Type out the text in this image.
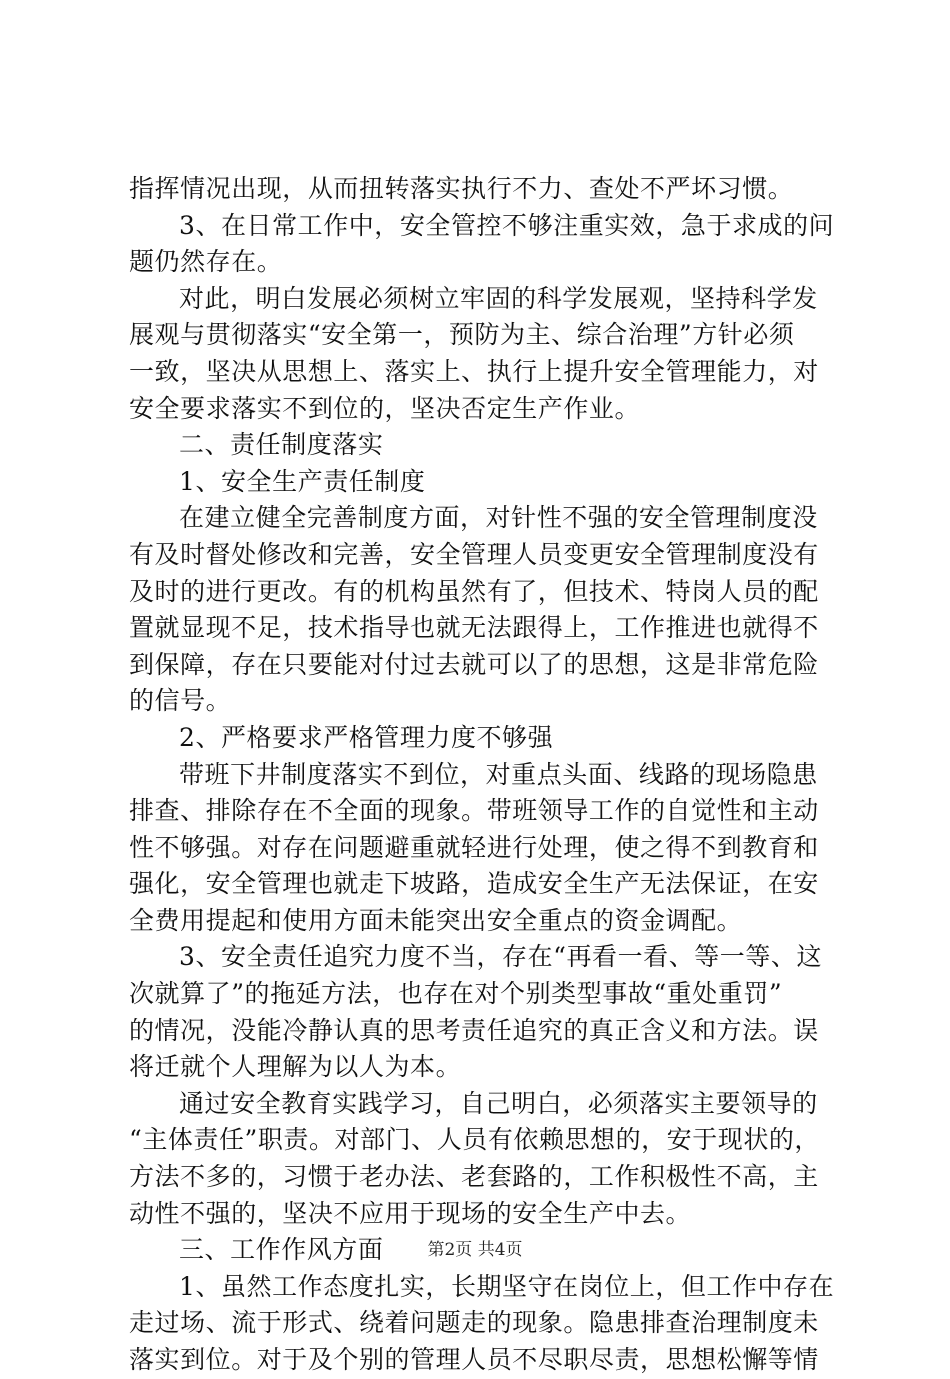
指挥情况出现，从而扭转落实执行不力、查处不严坏习惯。

3、在日常工作中，安全管控不够注重实效，急于求成的问
题仍然存在。

对此，明白发展必须树立牢固的科学发展观，坚持科学发
展观与贯彻落实“安全第一，预防为主、综合治理”方针必须
一致，坚决从思想上、落实上、执行上提升安全管理能力，对
安全要求落实不到位的，坚决否定生产作业。

二、责任制度落实

1、安全生产责任制度

在建立健全完善制度方面，对针性不强的安全管理制度没
有及时督处修改和完善，安全管理人员变更安全管理制度没有
及时的进行更改。有的机构虽然有了，但技术、特岗人员的配
置就显现不足，技术指导也就无法跟得上，工作推进也就得不
到保障，存在只要能对付过去就可以了的思想，这是非常危险
的信号。

2、严格要求严格管理力度不够强

带班下井制度落实不到位，对重点头面、线路的现场隐患
排查、排除存在不全面的现象。带班领导工作的自觉性和主动
性不够强。对存在问题避重就轻进行处理，使之得不到教育和
强化，安全管理也就走下坡路，造成安全生产无法保证，在安
全费用提起和使用方面未能突出安全重点的资金调配。

3、安全责任追究力度不当，存在“再看一看、等一等、这
次就算了”的拖延方法，也存在对个别类型事故“重处重罚”
的情况，没能冷静认真的思考责任追究的真正含义和方法。误
将迁就个人理解为以人为本。

通过安全教育实践学习，自己明白，必须落实主要领导的
“主体责任”职责。对部门、人员有依赖思想的，安于现状的，
方法不多的，习惯于老办法、老套路的，工作积极性不高，主
动性不强的，坚决不应用于现场的安全生产中去。

三、工作作风方面

1、虽然工作态度扎实，长期坚守在岗位上，但工作中存在
走过场、流于形式、绕着问题走的现象。隐患排查治理制度未
落实到位。对于及个别的管理人员不尽职尽责，思想松懈等情

第2页 共4页
